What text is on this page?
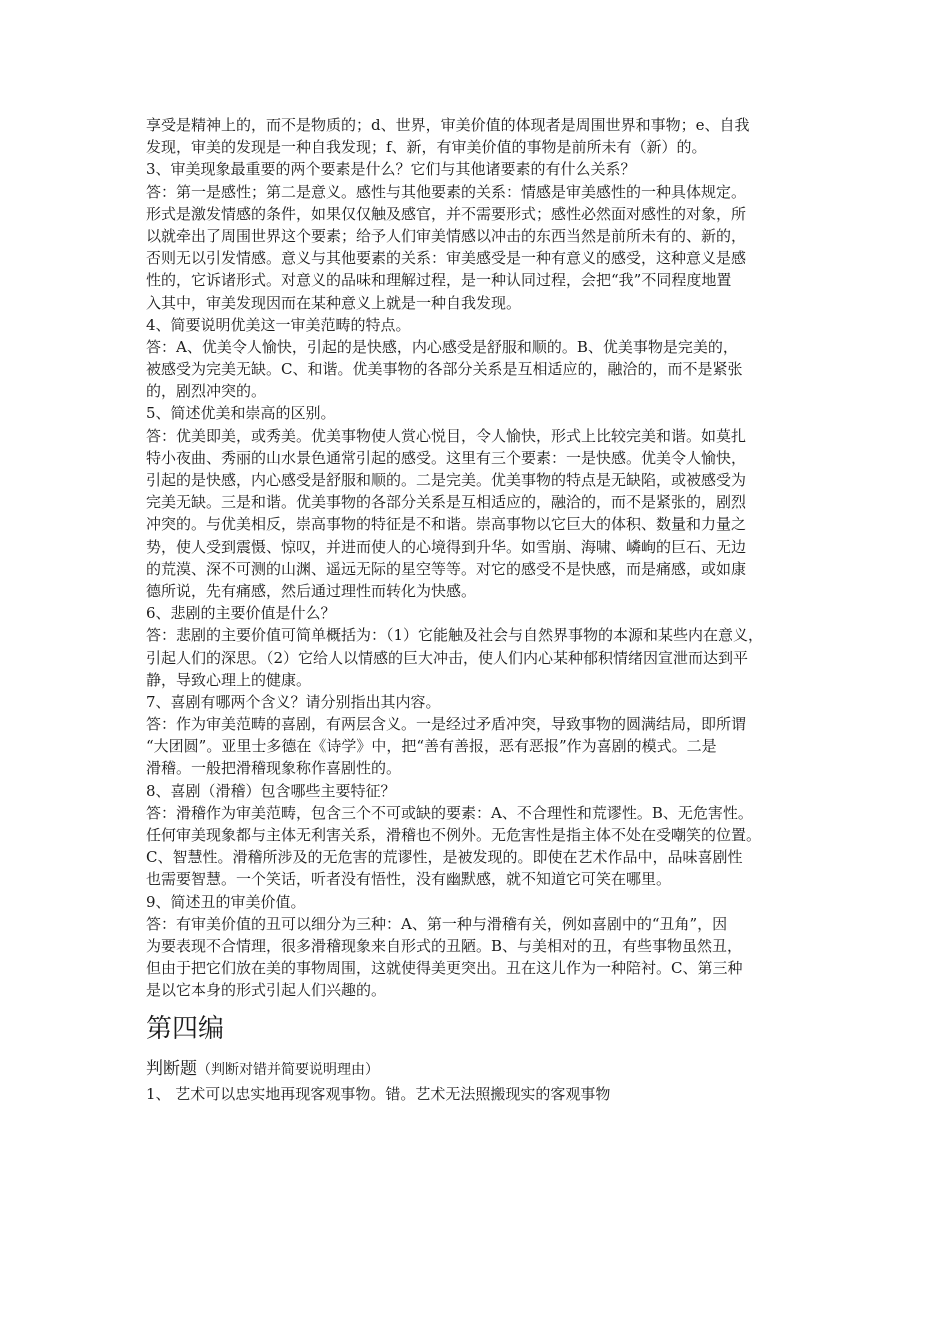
享受是精神上的，而不是物质的；d、世界，审美价值的体现者是周围世界和事物；e、自我
发现，审美的发现是一种自我发现；f、新，有审美价值的事物是前所未有（新）的。
3、审美现象最重要的两个要素是什么？它们与其他诸要素的有什么关系？
答：第一是感性；第二是意义。感性与其他要素的关系：情感是审美感性的一种具体规定。
形式是激发情感的条件，如果仅仅触及感官，并不需要形式；感性必然面对感性的对象，所
以就牵出了周围世界这个要素；给予人们审美情感以冲击的东西当然是前所未有的、新的，
否则无以引发情感。意义与其他要素的关系：审美感受是一种有意义的感受，这种意义是感
性的，它诉诸形式。对意义的品味和理解过程，是一种认同过程，会把“我”不同程度地置
入其中，审美发现因而在某种意义上就是一种自我发现。
4、简要说明优美这一审美范畴的特点。
答：A、优美令人愉快，引起的是快感，内心感受是舒服和顺的。B、优美事物是完美的，
被感受为完美无缺。C、和谐。优美事物的各部分关系是互相适应的，融洽的，而不是紧张
的，剧烈冲突的。
5、简述优美和崇高的区别。
答：优美即美，或秀美。优美事物使人赏心悦目，令人愉快，形式上比较完美和谐。如莫扎
特小夜曲、秀丽的山水景色通常引起的感受。这里有三个要素：一是快感。优美令人愉快，
引起的是快感，内心感受是舒服和顺的。二是完美。优美事物的特点是无缺陷，或被感受为
完美无缺。三是和谐。优美事物的各部分关系是互相适应的，融洽的，而不是紧张的，剧烈
冲突的。与优美相反，崇高事物的特征是不和谐。崇高事物以它巨大的体积、数量和力量之
势，使人受到震慑、惊叹，并进而使人的心境得到升华。如雪崩、海啸、嶙峋的巨石、无边
的荒漠、深不可测的山渊、遥远无际的星空等等。对它的感受不是快感，而是痛感，或如康
德所说，先有痛感，然后通过理性而转化为快感。
6、悲剧的主要价值是什么？
答：悲剧的主要价值可简单概括为：（1）它能触及社会与自然界事物的本源和某些内在意义，
引起人们的深思。（2）它给人以情感的巨大冲击，使人们内心某种郁积情绪因宣泄而达到平
静，导致心理上的健康。
7、喜剧有哪两个含义？请分别指出其内容。
答：作为审美范畴的喜剧，有两层含义。一是经过矛盾冲突，导致事物的圆满结局，即所谓
“大团圆”。亚里士多德在《诗学》中，把“善有善报，恶有恶报”作为喜剧的模式。二是
滑稽。一般把滑稽现象称作喜剧性的。
8、喜剧（滑稽）包含哪些主要特征？
答：滑稽作为审美范畴，包含三个不可或缺的要素：A、不合理性和荒谬性。B、无危害性。
任何审美现象都与主体无利害关系，滑稽也不例外。无危害性是指主体不处在受嘲笑的位置。
C、智慧性。滑稽所涉及的无危害的荒谬性，是被发现的。即使在艺术作品中，品味喜剧性
也需要智慧。一个笑话，听者没有悟性，没有幽默感，就不知道它可笑在哪里。
9、简述丑的审美价值。
答：有审美价值的丑可以细分为三种：A、第一种与滑稽有关，例如喜剧中的“丑角”，因
为要表现不合情理，很多滑稽现象来自形式的丑陋。B、与美相对的丑，有些事物虽然丑，
但由于把它们放在美的事物周围，这就使得美更突出。丑在这儿作为一种陪衬。C、第三种
是以它本身的形式引起人们兴趣的。
第四编
判断题（判断对错并简要说明理由）
1、 艺术可以忠实地再现客观事物。错。艺术无法照搬现实的客观事物
